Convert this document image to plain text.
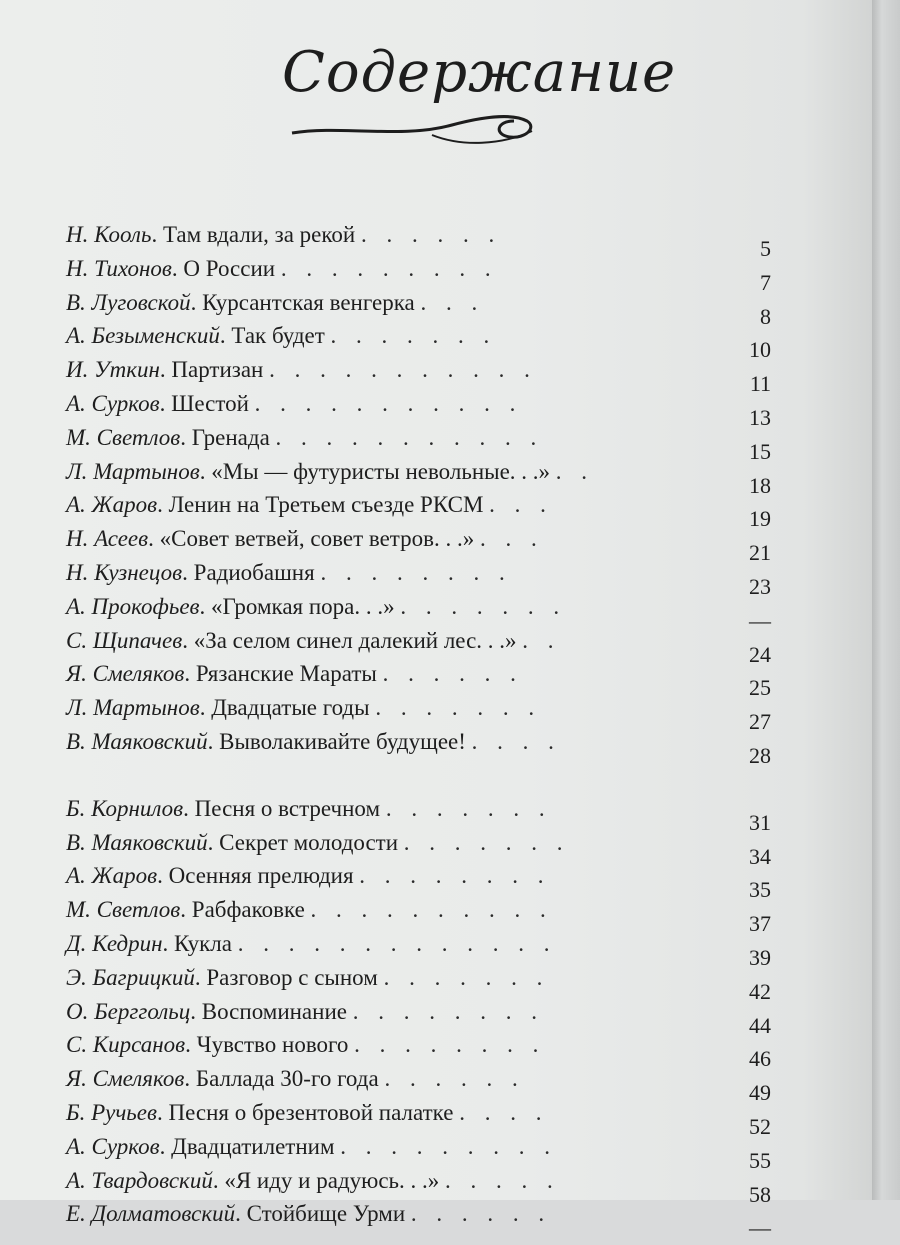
Содержание
Н. Кооль. Там вдали, за рекой . . . . . .
5
Н. Тихонов. О России . . . . . . . . .
7
В. Луговской. Курсантская венгерка . . .
8
А. Безыменский. Так будет . . . . . . .
10
И. Уткин. Партизан . . . . . . . . . . .
11
А. Сурков. Шестой . . . . . . . . . . .
13
М. Светлов. Гренада . . . . . . . . . . .
15
Л. Мартынов. «Мы — футуристы невольные. . .» . .
18
А. Жаров. Ленин на Третьем съезде РКСМ . . .
19
Н. Асеев. «Совет ветвей, совет ветров. . .» . . .
21
Н. Кузнецов. Радиобашня . . . . . . . .
23
А. Прокофьев. «Громкая пора. . .» . . . . . . .
—
С. Щипачев. «За селом синел далекий лес. . .» . .
24
Я. Смеляков. Рязанские Мараты . . . . . .
25
Л. Мартынов. Двадцатые годы . . . . . . .
27
В. Маяковский. Выволакивайте будущее! . . . .
28
Б. Корнилов. Песня о встречном . . . . . . .
31
В. Маяковский. Секрет молодости . . . . . . .
34
А. Жаров. Осенняя прелюдия . . . . . . . .
35
М. Светлов. Рабфаковке . . . . . . . . . .
37
Д. Кедрин. Кукла . . . . . . . . . . . . .
39
Э. Багрицкий. Разговор с сыном . . . . . . .
42
О. Берггольц. Воспоминание . . . . . . . .
44
С. Кирсанов. Чувство нового . . . . . . . .
46
Я. Смеляков. Баллада 30-го года . . . . . .
49
Б. Ручьев. Песня о брезентовой палатке . . . .
52
А. Сурков. Двадцатилетним . . . . . . . . .
55
А. Твардовский. «Я иду и радуюсь. . .» . . . . .
58
Е. Долматовский. Стойбище Урми . . . . . .
—
